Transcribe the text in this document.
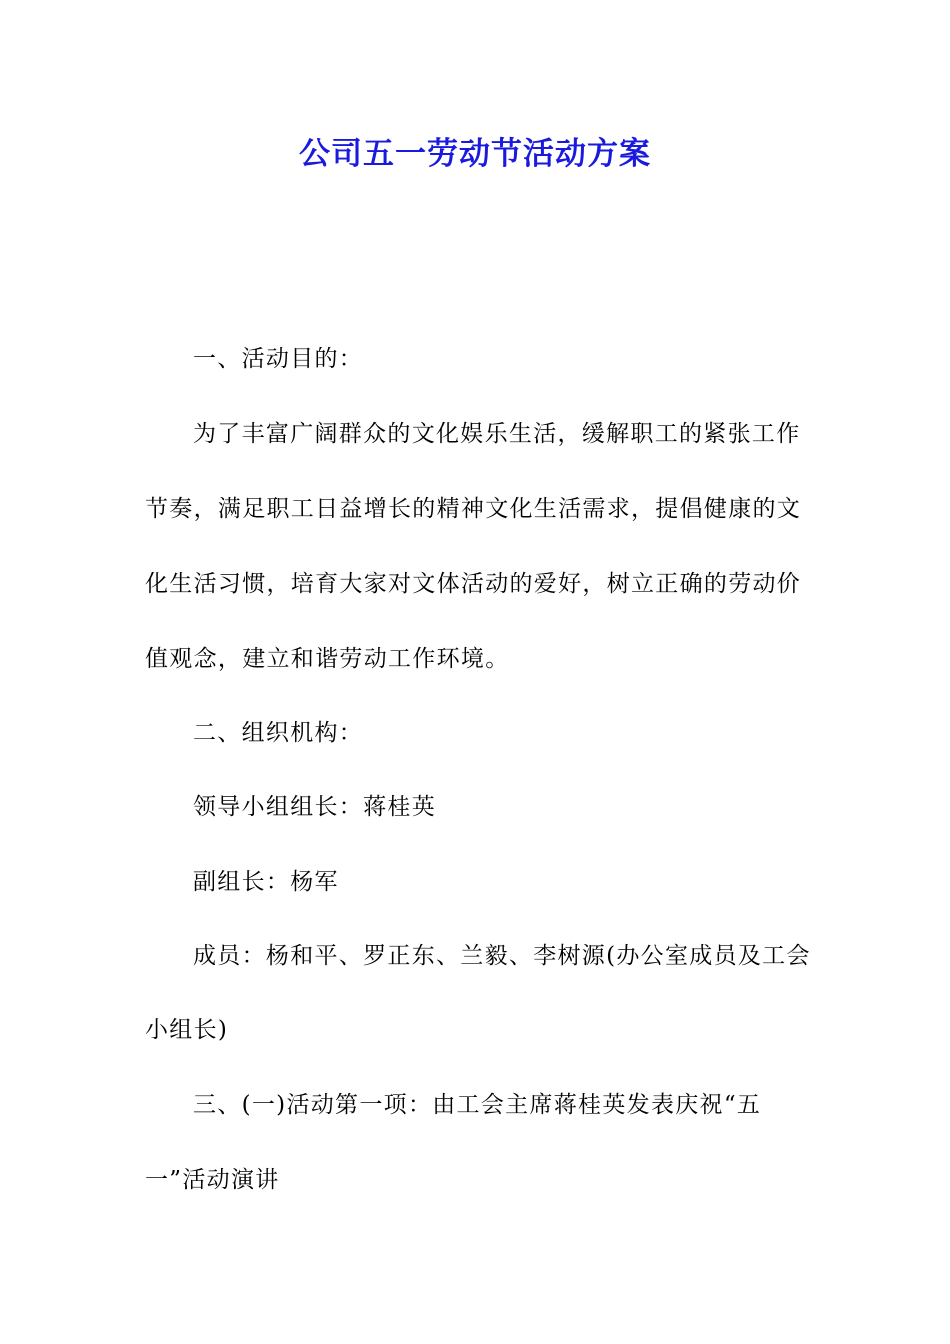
公司五一劳动节活动方案
一、活动目的：
为了丰富广阔群众的文化娱乐生活，缓解职工的紧张工作
节奏，满足职工日益增长的精神文化生活需求，提倡健康的文
化生活习惯，培育大家对文体活动的爱好，树立正确的劳动价
值观念，建立和谐劳动工作环境。
二、组织机构：
领导小组组长：蒋桂英
副组长：杨军
成员：杨和平、罗正东、兰毅、李树源(办公室成员及工会
小组长)
三、(一)活动第一项：由工会主席蒋桂英发表庆祝“五
一”活动演讲
